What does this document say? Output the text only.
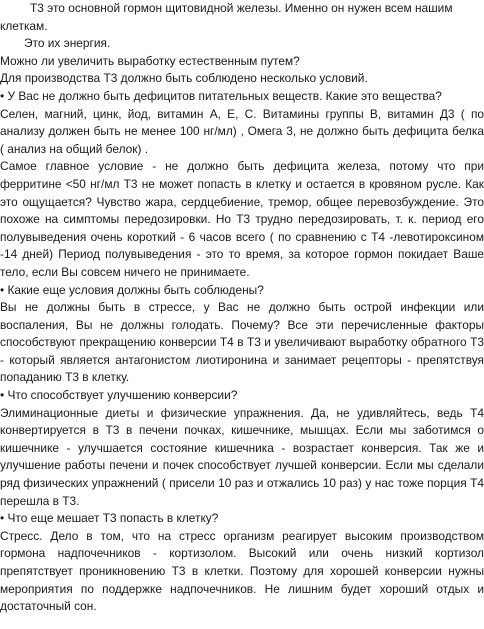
Т3 это основной гормон щитовидной железы. Именно он нужен всем нашим клеткам.

Это их энергия.

Можно ли увеличить выработку естественным путем?

Для производства Т3 должно быть соблюдено несколько условий.

• У Вас не должно быть дефицитов питательных веществ. Какие это вещества?

Селен, магний, цинк, йод, витамин А, Е, С. Витамины группы В, витамин Д3 ( по анализу должен быть не менее 100 нг/мл) , Омега 3, не должно быть дефицита белка ( анализ на общий белок) .

Самое главное условие - не должно быть дефицита железа, потому что при ферритине <50 нг/мл Т3 не может попасть в клетку и остается в кровяном русле. Как это ощущается? Чувство жара, сердцебиение, тремор, общее перевозбуждение. Это похоже на симптомы передозировки. Но Т3 трудно передозировать, т. к. период его полувыведения очень короткий - 6 часов всего ( по сравнению с Т4 -левотироксином -14 дней) Период полувыведения - это то время, за которое гормон покидает Ваше тело, если Вы совсем ничего не принимаете.

• Какие еще условия должны быть соблюдены?

Вы не должны быть в стрессе, у Вас не должно быть острой инфекции или воспаления, Вы не должны голодать. Почему? Все эти перечисленные факторы способствуют прекращению конверсии Т4 в Т3 и увеличивают выработку обратного Т3 - который является антагонистом лиотиронина и занимает рецепторы - препятствуя попаданию Т3 в клетку.

• Что способствует улучшению конверсии?

Элиминационные диеты и физические упражнения. Да, не удивляйтесь, ведь Т4 конвертируется в Т3 в печени почках, кишечнике, мышцах. Если мы заботимся о кишечнике - улучшается состояние кишечника - возрастает конверсия. Так же и улучшение работы печени и почек способствует лучшей конверсии. Если мы сделали ряд физических упражнений ( присели 10 раз и отжались 10 раз) у нас тоже порция Т4 перешла в Т3.

• Что еще мешает Т3 попасть в клетку?

Стресс. Дело в том, что на стресс организм реагирует высоким производством гормона надпочечников - кортизолом. Высокий или очень низкий кортизол препятствует проникновению Т3 в клетки. Поэтому для хорошей конверсии нужны мероприятия по поддержке надпочечников. Не лишним будет хороший отдых и достаточный сон.
